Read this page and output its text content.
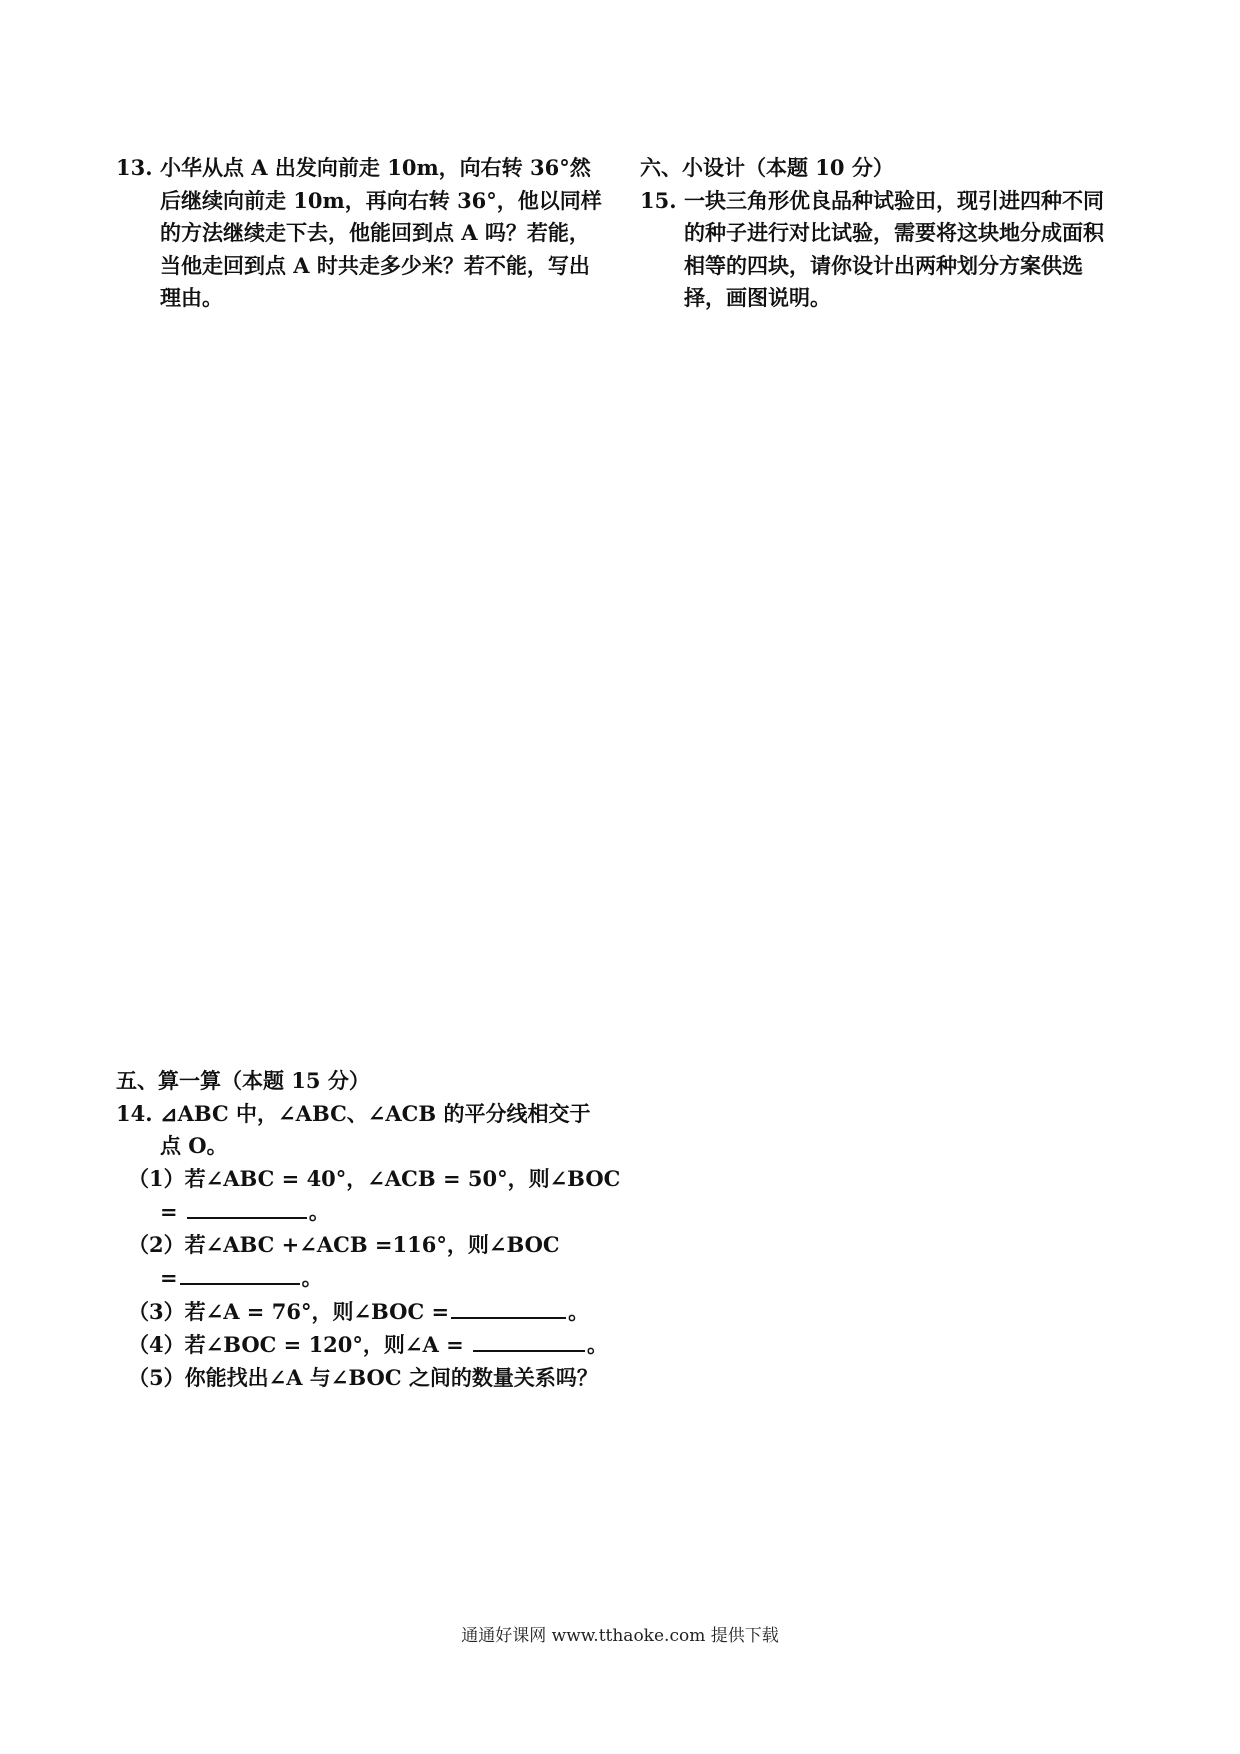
13. 小华从点 A 出发向前走 10m，向右转 36°然
后继续向前走 10m，再向右转 36°，他以同样
的方法继续走下去，他能回到点 A 吗？若能，
当他走回到点 A 时共走多少米？若不能，写出
理由。
六、小设计（本题 10 分）
15. 一块三角形优良品种试验田，现引进四种不同
的种子进行对比试验，需要将这块地分成面积
相等的四块，请你设计出两种划分方案供选
择，画图说明。
五、算一算（本题 15 分）
14. ⊿ABC 中，∠ABC、∠ACB 的平分线相交于
点 O。
（1）若∠ABC = 40°，∠ACB = 50°，则∠BOC
=	。
（2）若∠ABC +∠ACB =116°，则∠BOC
=	。
（3）若∠A = 76°，则∠BOC =	。
（4）若∠BOC = 120°，则∠A =	。
（5）你能找出∠A 与∠BOC 之间的数量关系吗？
通通好课网 www.tthaoke.com 提供下载
